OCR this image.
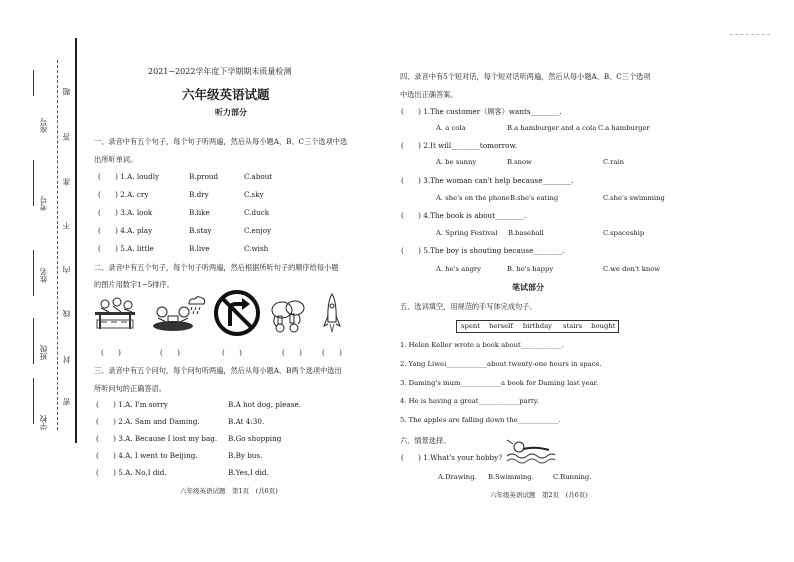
座号
考号
姓名
班级
学校
题
答
准
不
内
线
封
密
2021−2022学年度下学期期末质量检测
六年级英语试题
听力部分
一、录音中有五个句子，每个句子听两遍，然后从每小题A、B、C三个选项中选
出所听单词。
(　　) 1.A. loudly	B.proud	C.about
(　　) 2.A. cry	B.dry	C.sky
(　　) 3.A. look	B.like	C.duck
(　　) 4.A. play	B.stay	C.enjoy
(　　) 5.A. little	B.live	C.wish
二、录音中有五个句子，每个句子听两遍，然后根据所听句子的顺序给每小题
的图片用数字1−5排序。
(　　)	(　　)	(　　)	(　　)	(　　)
三、录音中有五个问句，每个问句听两遍，然后从每小题A、B两个选项中选出
所听问句的正确答语。
(　　) 1.A. I'm sorry	B.A hot dog, please.
(　　) 2.A. Sam and Daming.	B.At 4:30.
(　　) 3.A. Because I lost my bag. B.Go shopping
(　　) 4.A. I went to Beijing.	B.By bus.
(　　) 5.A. No,I did.	B.Yes,I did.
六年级英语试题　第1页　(共6页)
四、录音中有5个短对话，每个短对话听两遍，然后从每小题A、B、C三个选项
中选出正确答案。
(　　) 1.The customer（顾客）wants________.
A. a cola	B.a hamburger and a cola C.a hamburger
(　　) 2.It will________tomorrow.
A. be sunny	B.snow	C.rain
(　　) 3.The woman can't help because________.
A. she's on the phone B.she's eating	C.she's swimming
(　　) 4.The book is about________.
A. Spring Festival B.baseball	C.spaceship
(　　) 5.The boy is shouting because________.
A. he's angry	B. he's happy	C.we don't know
笔试部分
五、选词填空，用规范的手写体完成句子。
spent	herself	birthday	stairs	bought
1. Helen Keller wrote a book about____________.
2. Yang Liwei____________about twenty-one hours in space.
3. Daming's mum____________a book for Daming last year.
4. He is having a great____________party.
5. The apples are falling down the____________.
六、情景选择。
(　　) 1.What's your hobby?
A.Drawing. B.Swimming.	C.Running.
六年级英语试题　第2页　(共6页)
